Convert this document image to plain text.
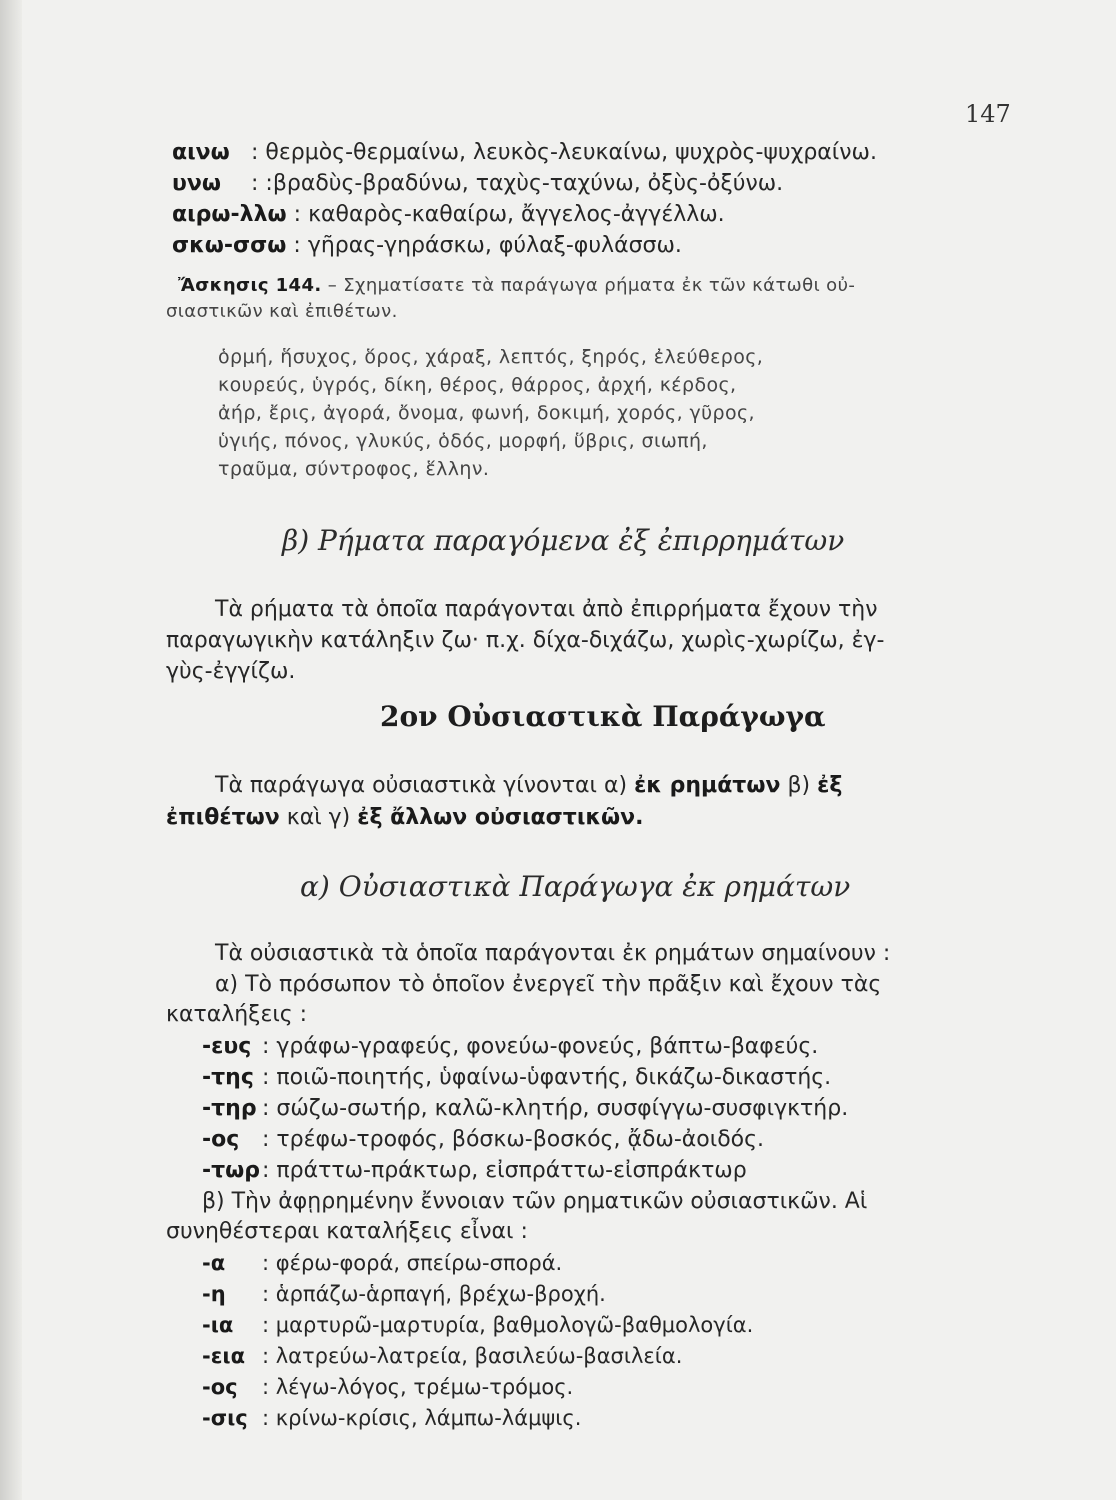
147
αινω : θερμὸς-θερμαίνω, λευκὸς-λευκαίνω, ψυχρὸς-ψυχραίνω.
υνω : :βραδὺς-βραδύνω, ταχὺς-ταχύνω, ὀξὺς-ὀξύνω.
αιρω-λλω : καθαρὸς-καθαίρω, ἄγγελος-ἀγγέλλω.
σκω-σσω : γῆρας-γηράσκω, φύλαξ-φυλάσσω.
Ἄσκησις 144. – Σχηματίσατε τὰ παράγωγα ρήματα ἐκ τῶν κάτωθι οὐ-
σιαστικῶν καὶ ἐπιθέτων.
ὁρμή, ἥσυχος, ὅρος, χάραξ, λεπτός, ξηρός, ἐλεύθερος,
κουρεύς, ὑγρός, δίκη, θέρος, θάρρος, ἀρχή, κέρδος,
ἀήρ, ἔρις, ἀγορά, ὄνομα, φωνή, δοκιμή, χορός, γῦρος,
ὑγιής, πόνος, γλυκύς, ὁδός, μορφή, ὕβρις, σιωπή,
τραῦμα, σύντροφος, ἕλλην.
β) Ρήματα παραγόμενα ἐξ ἐπιρρημάτων
Τὰ ρήματα τὰ ὁποῖα παράγονται ἀπὸ ἐπιρρήματα ἔχουν τὴν
παραγωγικὴν κατάληξιν ζω· π.χ. δίχα-διχάζω, χωρὶς-χωρίζω, ἐγ-
γὺς-ἐγγίζω.
2ον Οὐσιαστικὰ Παράγωγα
Τὰ παράγωγα οὐσιαστικὰ γίνονται α) ἐκ ρημάτων β) ἐξ
ἐπιθέτων καὶ γ) ἐξ ἄλλων οὐσιαστικῶν.
α) Οὐσιαστικὰ Παράγωγα ἐκ ρημάτων
Τὰ οὐσιαστικὰ τὰ ὁποῖα παράγονται ἐκ ρημάτων σημαίνουν :
α) Τὸ πρόσωπον τὸ ὁποῖον ἐνεργεῖ τὴν πρᾶξιν καὶ ἔχουν τὰς
καταλήξεις :
-ευς : γράφω-γραφεύς, φονεύω-φονεύς, βάπτω-βαφεύς.
-της : ποιῶ-ποιητής, ὑφαίνω-ὑφαντής, δικάζω-δικαστής.
-τηρ : σώζω-σωτήρ, καλῶ-κλητήρ, συσφίγγω-συσφιγκτήρ.
-ος : τρέφω-τροφός, βόσκω-βοσκός, ᾄδω-ἀοιδός.
-τωρ: πράττω-πράκτωρ, εἰσπράττω-εἰσπράκτωρ
β) Τὴν ἀφῃρημένην ἔννοιαν τῶν ρηματικῶν οὐσιαστικῶν. Αἱ
συνηθέστεραι καταλήξεις εἶναι :
-α : φέρω-φορά, σπείρω-σπορά.
-η : ἁρπάζω-ἁρπαγή, βρέχω-βροχή.
-ια : μαρτυρῶ-μαρτυρία, βαθμολογῶ-βαθμολογία.
-εια : λατρεύω-λατρεία, βασιλεύω-βασιλεία.
-ος : λέγω-λόγος, τρέμω-τρόμος.
-σις : κρίνω-κρίσις, λάμπω-λάμψις.
